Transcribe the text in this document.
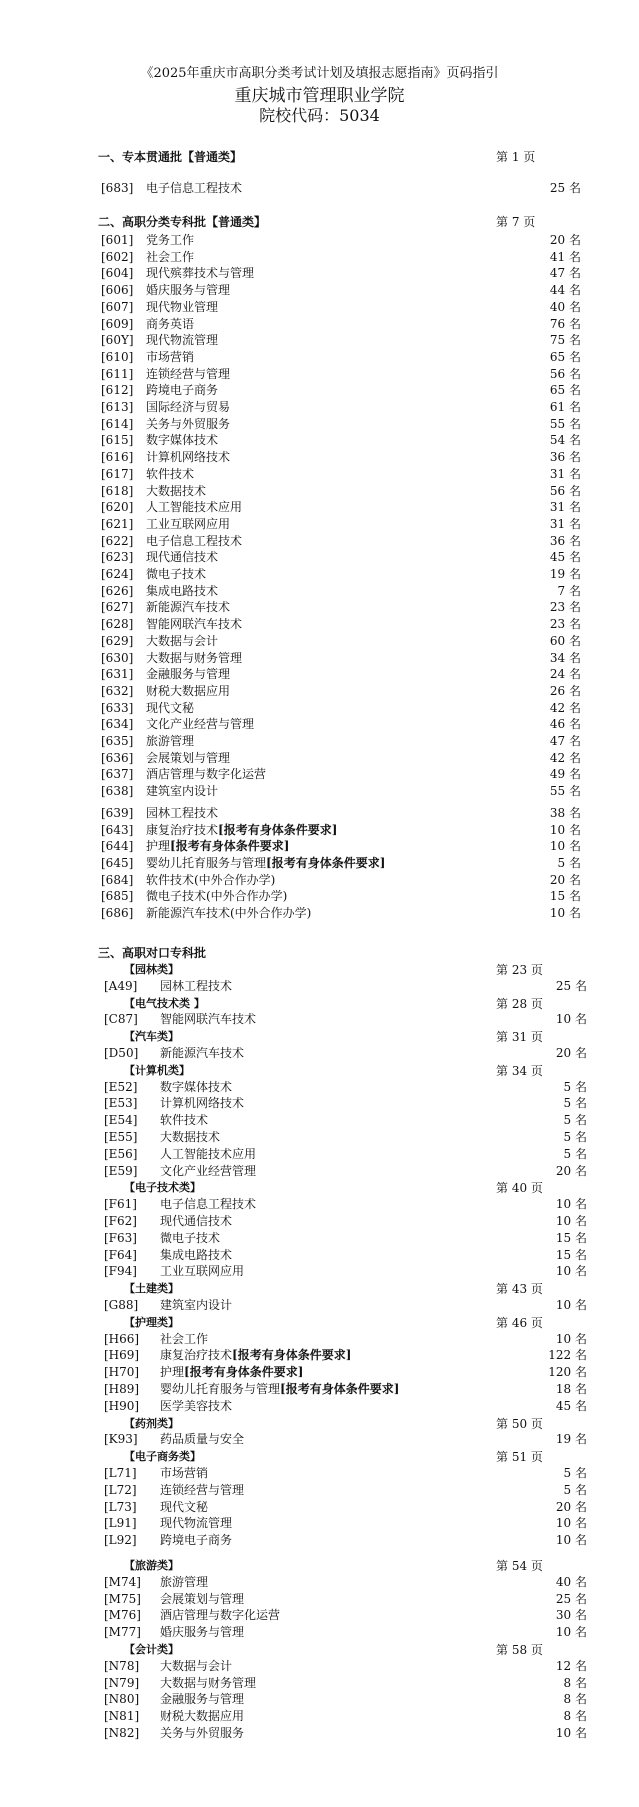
《2025年重庆市高职分类考试计划及填报志愿指南》页码指引
重庆城市管理职业学院
院校代码：5034
一、专本贯通批【普通类】	第 1 页
[683] 电子信息工程技术	25 名
二、高职分类专科批【普通类】	第 7 页
[601] 党务工作	20 名
[602] 社会工作	41 名
[604] 现代殡葬技术与管理	47 名
[606] 婚庆服务与管理	44 名
[607] 现代物业管理	40 名
[609] 商务英语	76 名
[60Y] 现代物流管理	75 名
[610] 市场营销	65 名
[611] 连锁经营与管理	56 名
[612] 跨境电子商务	65 名
[613] 国际经济与贸易	61 名
[614] 关务与外贸服务	55 名
[615] 数字媒体技术	54 名
[616] 计算机网络技术	36 名
[617] 软件技术	31 名
[618] 大数据技术	56 名
[620] 人工智能技术应用	31 名
[621] 工业互联网应用	31 名
[622] 电子信息工程技术	36 名
[623] 现代通信技术	45 名
[624] 微电子技术	19 名
[626] 集成电路技术	7 名
[627] 新能源汽车技术	23 名
[628] 智能网联汽车技术	23 名
[629] 大数据与会计	60 名
[630] 大数据与财务管理	34 名
[631] 金融服务与管理	24 名
[632] 财税大数据应用	26 名
[633] 现代文秘	42 名
[634] 文化产业经营与管理	46 名
[635] 旅游管理	47 名
[636] 会展策划与管理	42 名
[637] 酒店管理与数字化运营	49 名
[638] 建筑室内设计	55 名
[639] 园林工程技术	38 名
[643] 康复治疗技术[报考有身体条件要求]	10 名
[644] 护理[报考有身体条件要求]	10 名
[645] 婴幼儿托育服务与管理[报考有身体条件要求]	5 名
[684] 软件技术(中外合作办学)	20 名
[685] 微电子技术(中外合作办学)	15 名
[686] 新能源汽车技术(中外合作办学)	10 名
三、高职对口专科批
【园林类】	第 23 页
[A49] 园林工程技术	25 名
【电气技术类 】	第 28 页
[C87] 智能网联汽车技术	10 名
【汽车类】	第 31 页
[D50] 新能源汽车技术	20 名
【计算机类】	第 34 页
[E52] 数字媒体技术	5 名
[E53] 计算机网络技术	5 名
[E54] 软件技术	5 名
[E55] 大数据技术	5 名
[E56] 人工智能技术应用	5 名
[E59] 文化产业经营管理	20 名
【电子技术类】	第 40 页
[F61] 电子信息工程技术	10 名
[F62] 现代通信技术	10 名
[F63] 微电子技术	15 名
[F64] 集成电路技术	15 名
[F94] 工业互联网应用	10 名
【土建类】	第 43 页
[G88] 建筑室内设计	10 名
【护理类】	第 46 页
[H66] 社会工作	10 名
[H69] 康复治疗技术[报考有身体条件要求]	122 名
[H70] 护理[报考有身体条件要求]	120 名
[H89] 婴幼儿托育服务与管理[报考有身体条件要求]	18 名
[H90] 医学美容技术	45 名
【药剂类】	第 50 页
[K93] 药品质量与安全	19 名
【电子商务类】	第 51 页
[L71] 市场营销	5 名
[L72] 连锁经营与管理	5 名
[L73] 现代文秘	20 名
[L91] 现代物流管理	10 名
[L92] 跨境电子商务	10 名
【旅游类】	第 54 页
[M74] 旅游管理	40 名
[M75] 会展策划与管理	25 名
[M76] 酒店管理与数字化运营	30 名
[M77] 婚庆服务与管理	10 名
【会计类】	第 58 页
[N78] 大数据与会计	12 名
[N79] 大数据与财务管理	8 名
[N80] 金融服务与管理	8 名
[N81] 财税大数据应用	8 名
[N82] 关务与外贸服务	10 名
